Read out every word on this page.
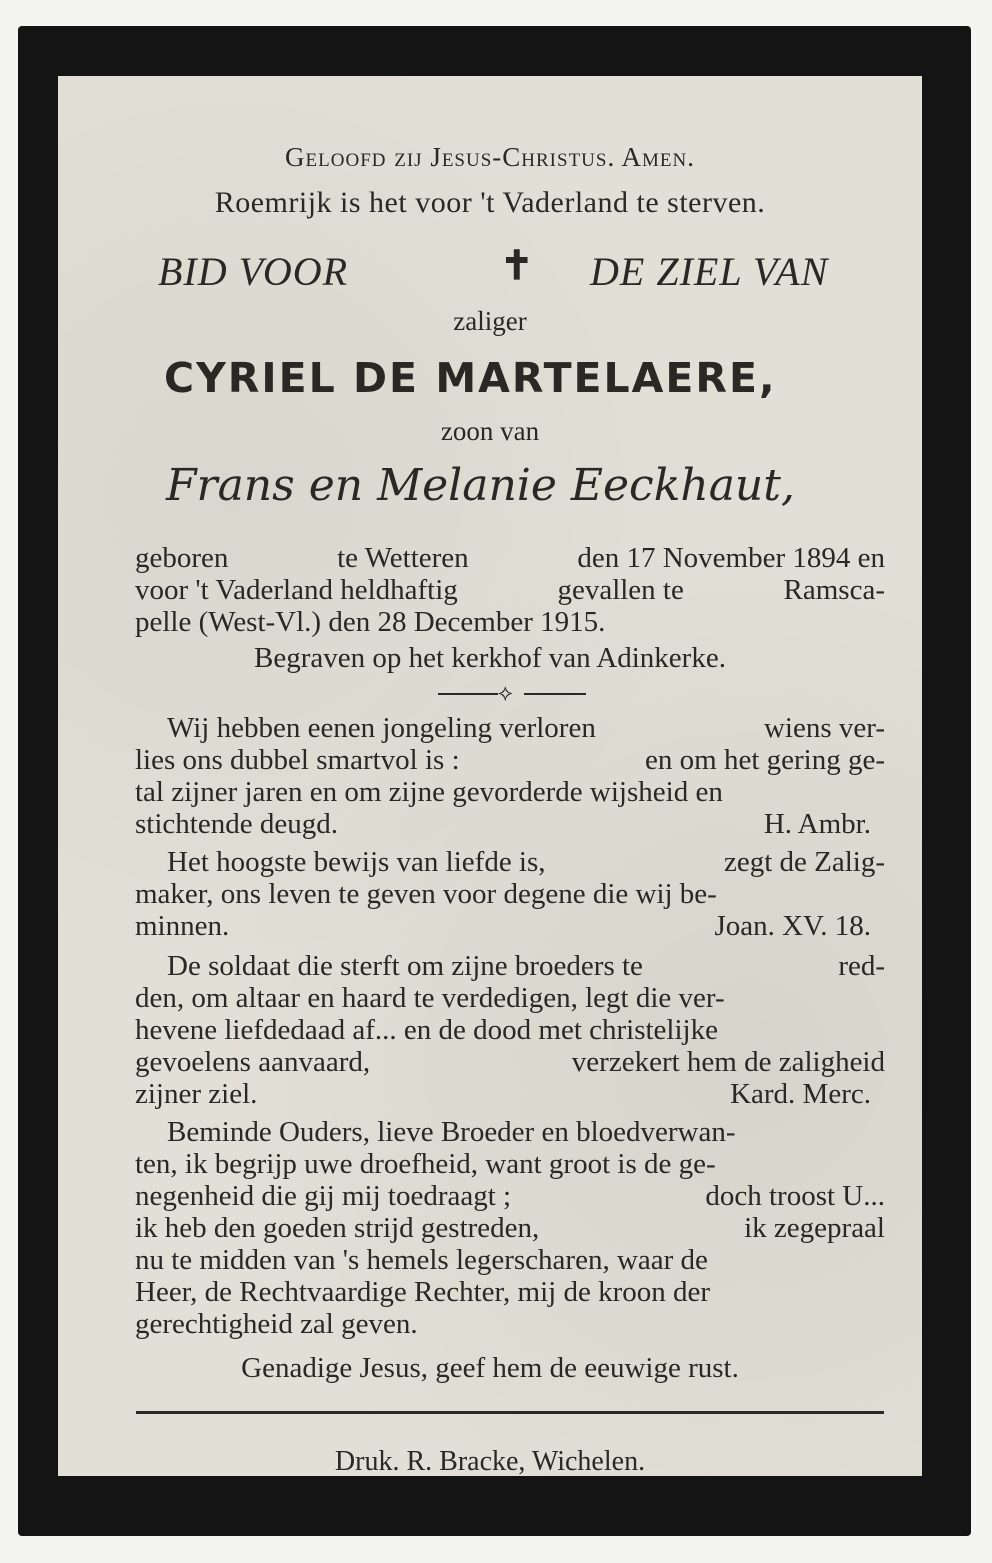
Geloofd zij Jesus-Christus. Amen.
Roemrijk is het voor 't Vaderland te sterven.
BID VOOR	✝ DE ZIEL VAN
zaliger
CYRIEL DE MARTELAERE,
zoon van
Frans en Melanie Eeckhaut,
geboren	te Wetteren	den 17 November 1894 en
voor 't Vaderland heldhaftig	gevallen te	Ramsca-
pelle (West-Vl.) den 28 December 1915.
Begraven op het kerkhof van Adinkerke.
⟡
Wij hebben eenen jongeling verloren	wiens ver-
lies ons dubbel smartvol is :	en om het gering ge-
tal zijner jaren en om zijne gevorderde wijsheid en
stichtende deugd.	H. Ambr.
Het hoogste bewijs van liefde is,	zegt de Zalig-
maker, ons leven te geven voor degene die wij be-
minnen.	Joan. XV. 18.
De soldaat die sterft om zijne broeders te	red-
den, om altaar en haard te verdedigen, legt die ver-
hevene liefdedaad af... en de dood met christelijke
gevoelens aanvaard,	verzekert hem de zaligheid
zijner ziel.	Kard. Merc.
Beminde Ouders, lieve Broeder en bloedverwan-
ten, ik begrijp uwe droefheid, want groot is de ge-
negenheid die gij mij toedraagt ;	doch troost U...
ik heb den goeden strijd gestreden,	ik zegepraal
nu te midden van 's hemels legerscharen, waar de
Heer, de Rechtvaardige Rechter, mij de kroon der
gerechtigheid zal geven.
Genadige Jesus, geef hem de eeuwige rust.
Druk. R. Bracke, Wichelen.
